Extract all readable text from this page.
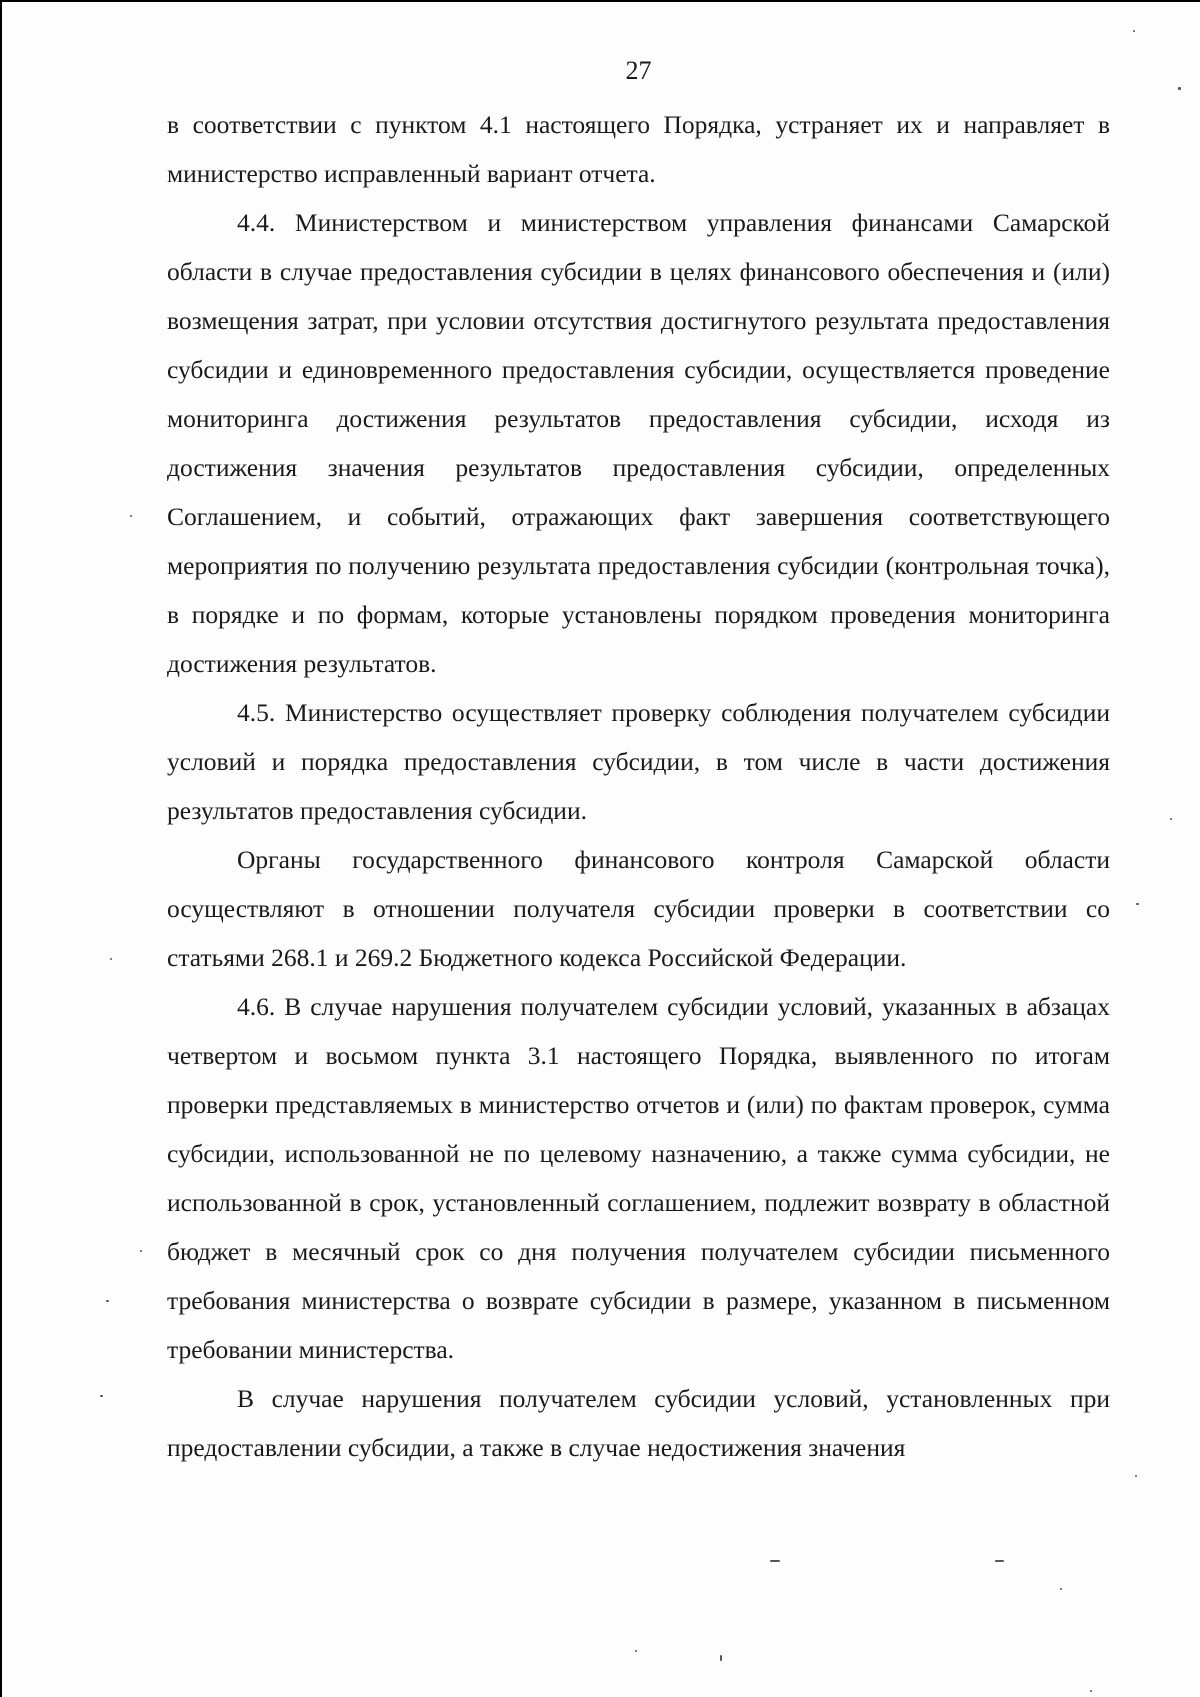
27

в соответствии с пунктом 4.1 настоящего Порядка, устраняет их и направляет в министерство исправленный вариант отчета.

4.4. Министерством и министерством управления финансами Самарской области в случае предоставления субсидии в целях финансового обеспечения и (или) возмещения затрат, при условии отсутствия достигнутого результата предоставления субсидии и единовременного предоставления субсидии, осуществляется проведение мониторинга достижения результатов предоставления субсидии, исходя из достижения значения результатов предоставления субсидии, определенных Соглашением, и событий, отражающих факт завершения соответствующего мероприятия по получению результата предоставления субсидии (контрольная точка), в порядке и по формам, которые установлены порядком проведения мониторинга достижения результатов.

4.5. Министерство осуществляет проверку соблюдения получателем субсидии условий и порядка предоставления субсидии, в том числе в части достижения результатов предоставления субсидии.

Органы государственного финансового контроля Самарской области осуществляют в отношении получателя субсидии проверки в соответствии со статьями 268.1 и 269.2 Бюджетного кодекса Российской Федерации.

4.6. В случае нарушения получателем субсидии условий, указанных в абзацах четвертом и восьмом пункта 3.1 настоящего Порядка, выявленного по итогам проверки представляемых в министерство отчетов и (или) по фактам проверок, сумма субсидии, использованной не по целевому назначению, а также сумма субсидии, не использованной в срок, установленный соглашением, подлежит возврату в областной бюджет в месячный срок со дня получения получателем субсидии письменного требования министерства о возврате субсидии в размере, указанном в письменном требовании министерства.

В случае нарушения получателем субсидии условий, установленных при предоставлении субсидии, а также в случае недостижения значения
